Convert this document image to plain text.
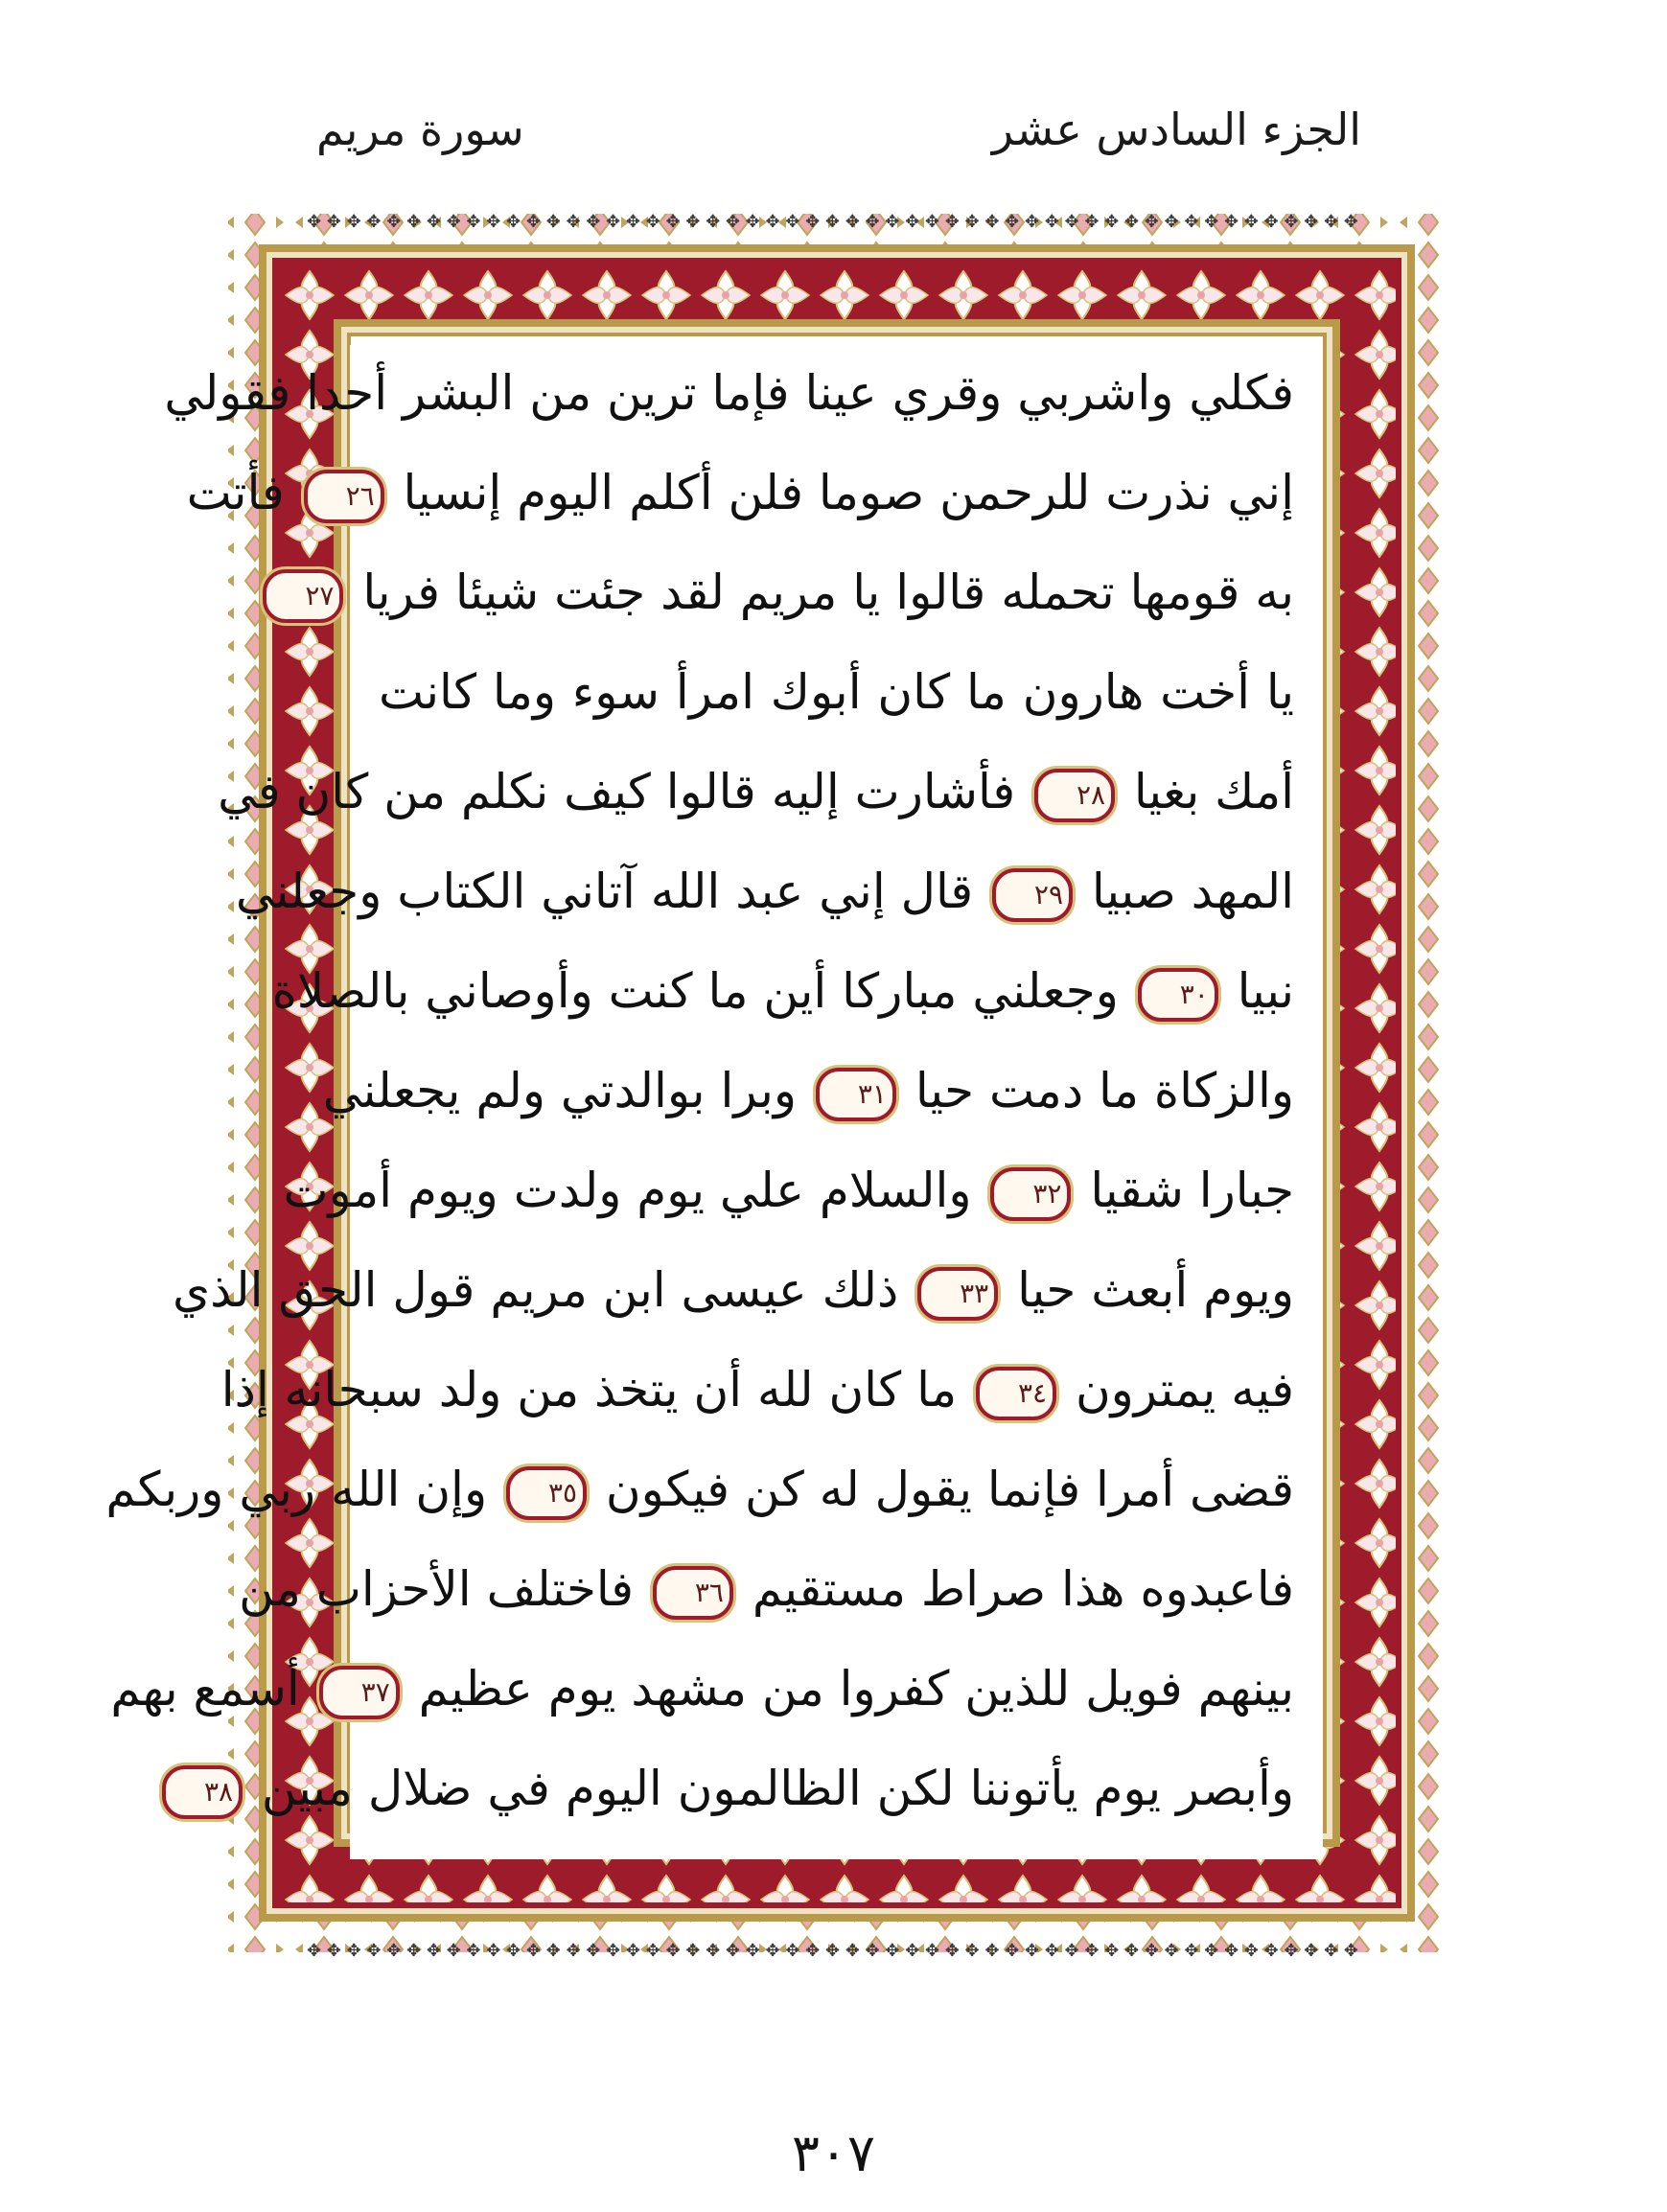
الجزء السادس عشر
سورة مريم
✥ ✥ ✥ ✥ ✥ ✥ ✥ ✥ ✥ ✥ ✥ ✥ ✥ ✥ ✥ ✥ ✥ ✥ ✥ ✥ ✥ ✥ ✥ ✥ ✥ ✥ ✥ ✥ ✥ ✥ ✥ ✥ ✥ ✥ ✥ ✥ ✥ ✥ ✥ ✥ ✥ ✥ ✥ ✥ ✥ ✥ ✥ ✥ ✥ ✥ ✥ ✥ ✥
✥ ✥ ✥ ✥ ✥ ✥ ✥ ✥ ✥ ✥ ✥ ✥ ✥ ✥ ✥ ✥ ✥ ✥ ✥ ✥ ✥ ✥ ✥ ✥ ✥ ✥ ✥ ✥ ✥ ✥ ✥ ✥ ✥ ✥ ✥ ✥ ✥ ✥ ✥ ✥ ✥ ✥ ✥ ✥ ✥ ✥ ✥ ✥ ✥ ✥ ✥ ✥ ✥
فكلي واشربي وقري عينا فإما ترين من البشر أحدا فقولي
إني نذرت للرحمن صوما فلن أكلم اليوم إنسيا ٢٦ فأتت
به قومها تحمله قالوا يا مريم لقد جئت شيئا فريا ٢٧
يا أخت هارون ما كان أبوك امرأ سوء وما كانت
أمك بغيا ٢٨ فأشارت إليه قالوا كيف نكلم من كان في
المهد صبيا ٢٩ قال إني عبد الله آتاني الكتاب وجعلني
نبيا ٣٠ وجعلني مباركا أين ما كنت وأوصاني بالصلاة
والزكاة ما دمت حيا ٣١ وبرا بوالدتي ولم يجعلني
جبارا شقيا ٣٢ والسلام علي يوم ولدت ويوم أموت
ويوم أبعث حيا ٣٣ ذلك عيسى ابن مريم قول الحق الذي
فيه يمترون ٣٤ ما كان لله أن يتخذ من ولد سبحانه إذا
قضى أمرا فإنما يقول له كن فيكون ٣٥ وإن الله ربي وربكم
فاعبدوه هذا صراط مستقيم ٣٦ فاختلف الأحزاب من
بينهم فويل للذين كفروا من مشهد يوم عظيم ٣٧ أسمع بهم
وأبصر يوم يأتوننا لكن الظالمون اليوم في ضلال مبين ٣٨
٣٠٧
